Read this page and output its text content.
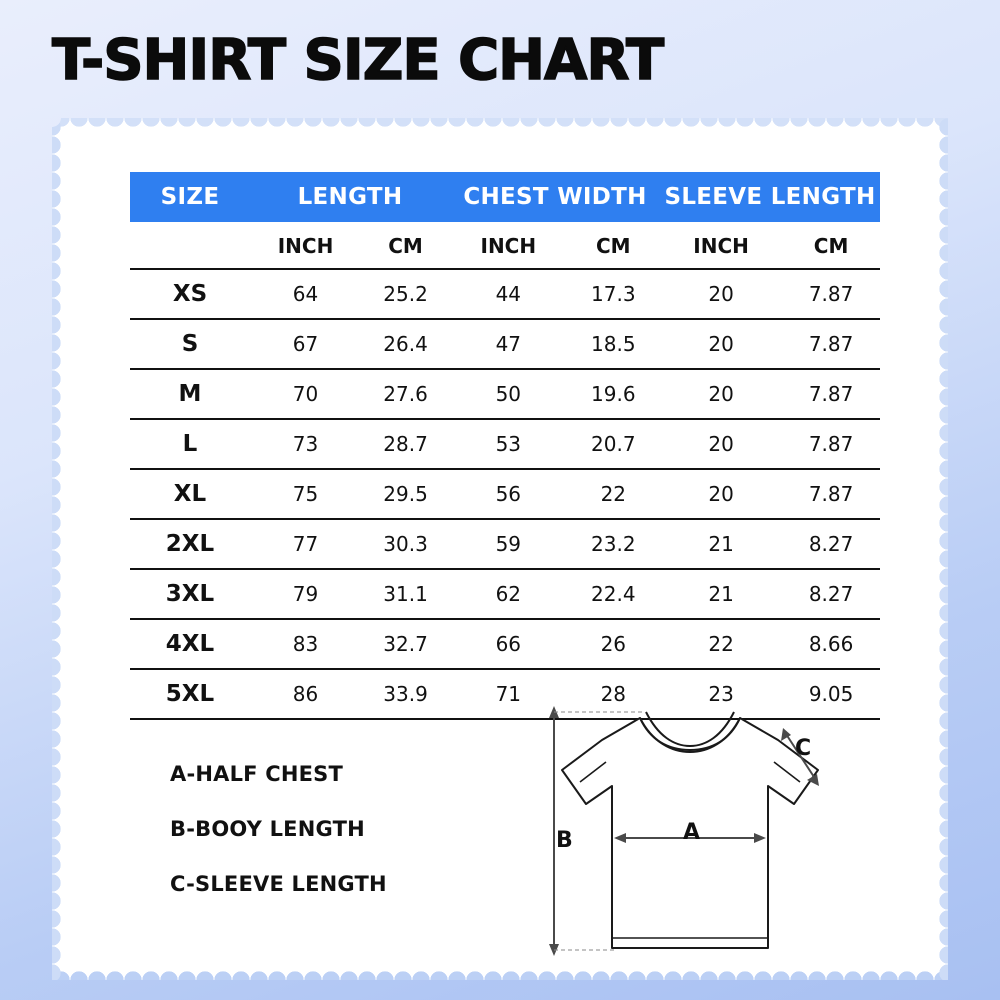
T-SHIRT SIZE CHART
SIZE	LENGTH		CHEST WIDTH		SLEEVE LENGTH	
	INCH	CM	INCH	CM	INCH	CM
XS	64	25.2	44	17.3	20	7.87
S	67	26.4	47	18.5	20	7.87
M	70	27.6	50	19.6	20	7.87
L	73	28.7	53	20.7	20	7.87
XL	75	29.5	56	22	20	7.87
2XL	77	30.3	59	23.2	21	8.27
3XL	79	31.1	62	22.4	21	8.27
4XL	83	32.7	66	26	22	8.66
5XL	86	33.9	71	28	23	9.05
A-HALF CHEST
B-BOOY LENGTH
C-SLEEVE LENGTH
A
B
C
